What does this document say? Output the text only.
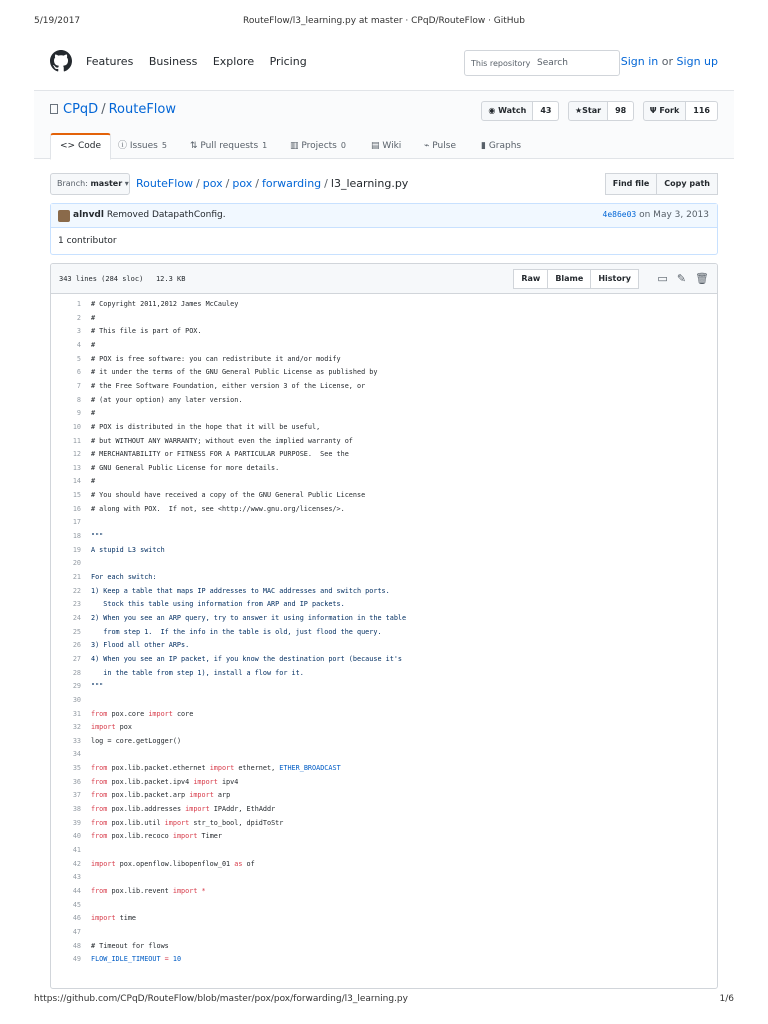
5/19/2017	RouteFlow/l3_learning.py at master · CPqD/RouteFlow · GitHub
Features Business Explore Pricing	This repository Search	Sign in or Sign up
CPqD / RouteFlow	◉ Watch	43
	★Star	98
	Ψ Fork	116
<> Code	ⓘ Issues 5	⇅ Pull requests 1	▥ Projects 0	▤ Wiki	⌁ Pulse	▮ Graphs
Branch: master ▾ RouteFlow / pox / pox / forwarding / l3_learning.py	Find file Copy path
alnvdl Removed DatapathConfig.	4e86e03 on May 3, 2013
1 contributor
343 lines (284 sloc) 12.3 KB	Raw Blame History	▭ ✎ 🗑
1 # Copyright 2011,2012 James McCauley
2 #
3 # This file is part of POX.
4 #
5 # POX is free software: you can redistribute it and/or modify
6 # it under the terms of the GNU General Public License as published by
7 # the Free Software Foundation, either version 3 of the License, or
8 # (at your option) any later version.
9 #
10 # POX is distributed in the hope that it will be useful,
11 # but WITHOUT ANY WARRANTY; without even the implied warranty of
12 # MERCHANTABILITY or FITNESS FOR A PARTICULAR PURPOSE.  See the
13 # GNU General Public License for more details.
14 #
15 # You should have received a copy of the GNU General Public License
16 # along with POX.  If not, see <http://www.gnu.org/licenses/>.
17
18 """
19 A stupid L3 switch
20
21 For each switch:
22 1) Keep a table that maps IP addresses to MAC addresses and switch ports.
23 Stock this table using information from ARP and IP packets.
24 2) When you see an ARP query, try to answer it using information in the table
25 from step 1.  If the info in the table is old, just flood the query.
26 3) Flood all other ARPs.
27 4) When you see an IP packet, if you know the destination port (because it's
28 in the table from step 1), install a flow for it.
29 """
30
31 from pox.core import core
32 import pox
33 log = core.getLogger()
34
35 from pox.lib.packet.ethernet import ethernet, ETHER_BROADCAST
36 from pox.lib.packet.ipv4 import ipv4
37 from pox.lib.packet.arp import arp
38 from pox.lib.addresses import IPAddr, EthAddr
39 from pox.lib.util import str_to_bool, dpidToStr
40 from pox.lib.recoco import Timer
41
42 import pox.openflow.libopenflow_01 as of
43
44 from pox.lib.revent import *
45
46 import time
47
48 # Timeout for flows
49 FLOW_IDLE_TIMEOUT = 10
https://github.com/CPqD/RouteFlow/blob/master/pox/pox/forwarding/l3_learning.py	1/6
